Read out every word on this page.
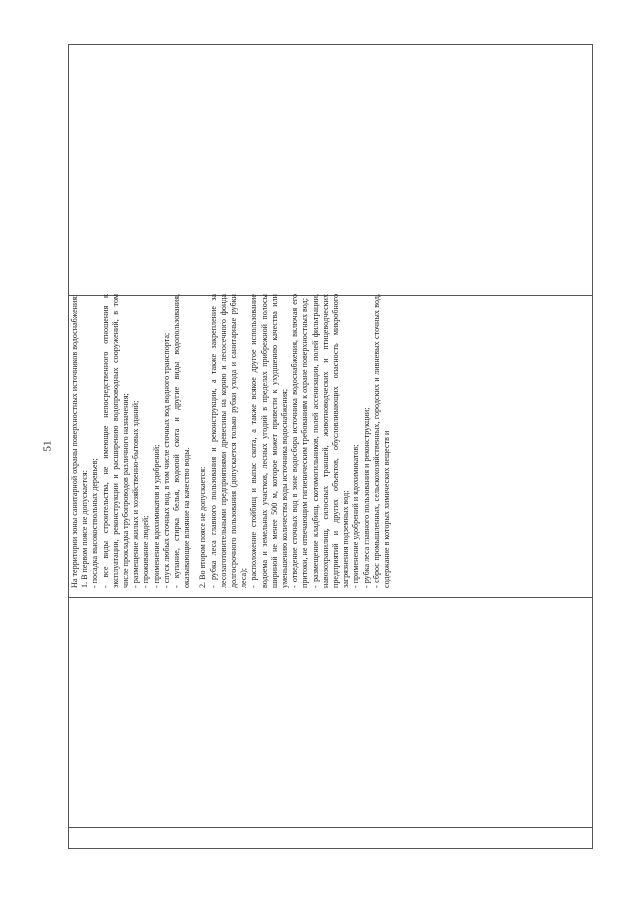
51 На территории зоны санитарной охраны поверхностных источников водоснабжения: 1. В первом поясе не допускается: - посадка высокоствольных деревьев; - все виды строительства, не имеющие непосредственного отношения к эксплуатации, реконструкции и расширению водопроводных сооружений, в том числе прокладка трубопроводов различного назначения; - размещение жилых и хозяйственно-бытовых зданий; - проживание людей; - применение ядохимикатов и удобрений; - спуск любых сточных вод, в том числе сточных вод водного транспорта; - купание, стирка белья, водопой скота и другие виды водопользования, оказывающие влияние на качество воды. 2. Во втором поясе не допускается: - рубка леса главного пользования и реконструкции, а также закрепление за лесозаготовительными предприятиями древесины на корню и лесосечного фонда долгосрочного пользования (допускается только рубки ухода и санитарные рубки леса); - расположение стойбищ и выпас скота, а также всякое другое использование водоема и земельных участков, лесных угодий в пределах прибрежной полосы шириной не менее 500 м, которое может привести к ухудшению качества или уменьшению количества воды источника водоснабжения; - отведение сточных вод в зоне водосбора источника водоснабжения, включая его притоки, не отвечающим гигиеническим требованиям к охране поверхностных вод; - размещение кладбищ, скотомогильников, полей ассенизации, полей фильтрации, навозохранилищ, силосных траншей, животноводческих и птицеводческих предприятий и других объектов, обусловливающих опасность микробного загрязнения подземных вод; - применение удобрений и ядохимикатов; - рубка леса главного пользования и реконструкции; - сброс промышленных, сельскохозяйственных, городских и ливневых сточных вод, содержание в которых химических веществ и
